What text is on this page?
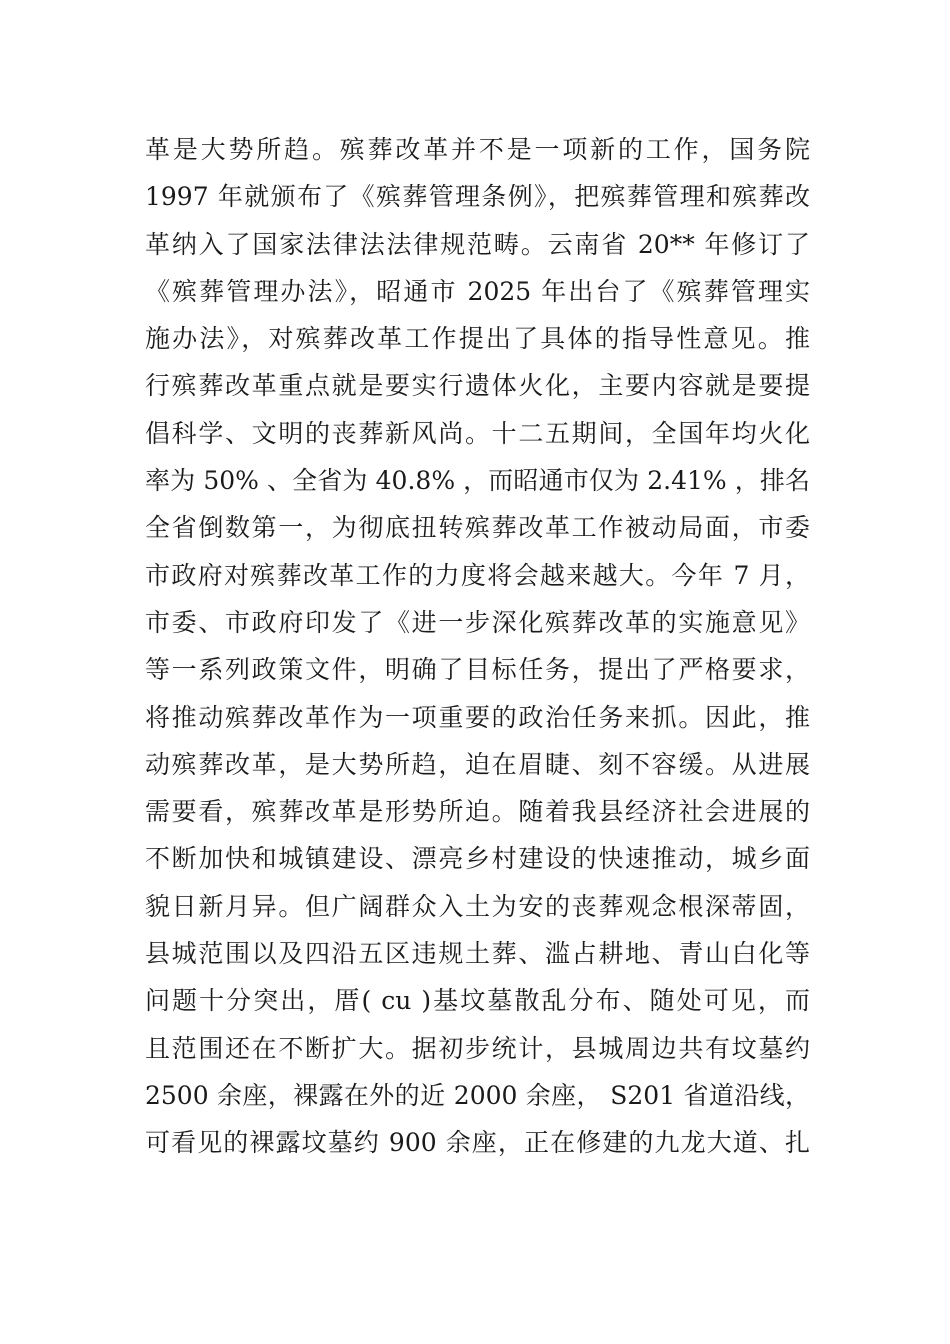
革是大势所趋。殡葬改革并不是一项新的工作，国务院
1997 年就颁布了《殡葬管理条例》，把殡葬管理和殡葬改
革纳入了国家法律法法律规范畴。云南省 20** 年修订了
《殡葬管理办法》，昭通市 2025 年出台了《殡葬管理实
施办法》，对殡葬改革工作提出了具体的指导性意见。推
行殡葬改革重点就是要实行遗体火化，主要内容就是要提
倡科学、文明的丧葬新风尚。十二五期间，全国年均火化
率为 50% 、全省为 40.8% ，而昭通市仅为 2.41% ，排名
全省倒数第一，为彻底扭转殡葬改革工作被动局面，市委
市政府对殡葬改革工作的力度将会越来越大。今年 7 月，
市委、市政府印发了《进一步深化殡葬改革的实施意见》
等一系列政策文件，明确了目标任务，提出了严格要求，
将推动殡葬改革作为一项重要的政治任务来抓。因此，推
动殡葬改革，是大势所趋，迫在眉睫、刻不容缓。从进展
需要看，殡葬改革是形势所迫。随着我县经济社会进展的
不断加快和城镇建设、漂亮乡村建设的快速推动，城乡面
貌日新月异。但广阔群众入土为安的丧葬观念根深蒂固，
县城范围以及四沿五区违规土葬、滥占耕地、青山白化等
问题十分突出，厝( cu )基坟墓散乱分布、随处可见，而
且范围还在不断扩大。据初步统计，县城周边共有坟墓约
2500 余座，裸露在外的近 2000 余座， S201 省道沿线，
可看见的裸露坟墓约 900 余座，正在修建的九龙大道、扎
